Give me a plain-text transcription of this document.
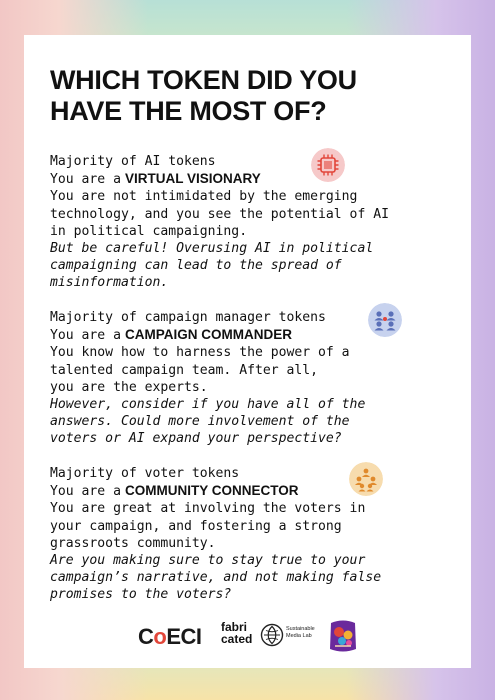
WHICH TOKEN DID YOU
HAVE THE MOST OF?

Majority of AI tokens

You are a VIRTUAL VISIONARY

You are not intimidated by the emerging

technology, and you see the potential of AI

in political campaigning.

But be careful! Overusing AI in political

campaigning can lead to the spread of

misinformation.

Majority of campaign manager tokens

You are a CAMPAIGN COMMANDER

You know how to harness the power of a

talented campaign team. After all,

you are the experts.

However, consider if you have all of the

answers. Could more involvement of the

voters or AI expand your perspective?

Majority of voter tokens

You are a COMMUNITY CONNECTOR

You are great at involving the voters in

your campaign, and fostering a strong

grassroots community.

Are you making sure to stay true to your

campaign’s narrative, and not making false

promises to the voters?

CoECI fabri
cated
Sustainable
Media Lab
